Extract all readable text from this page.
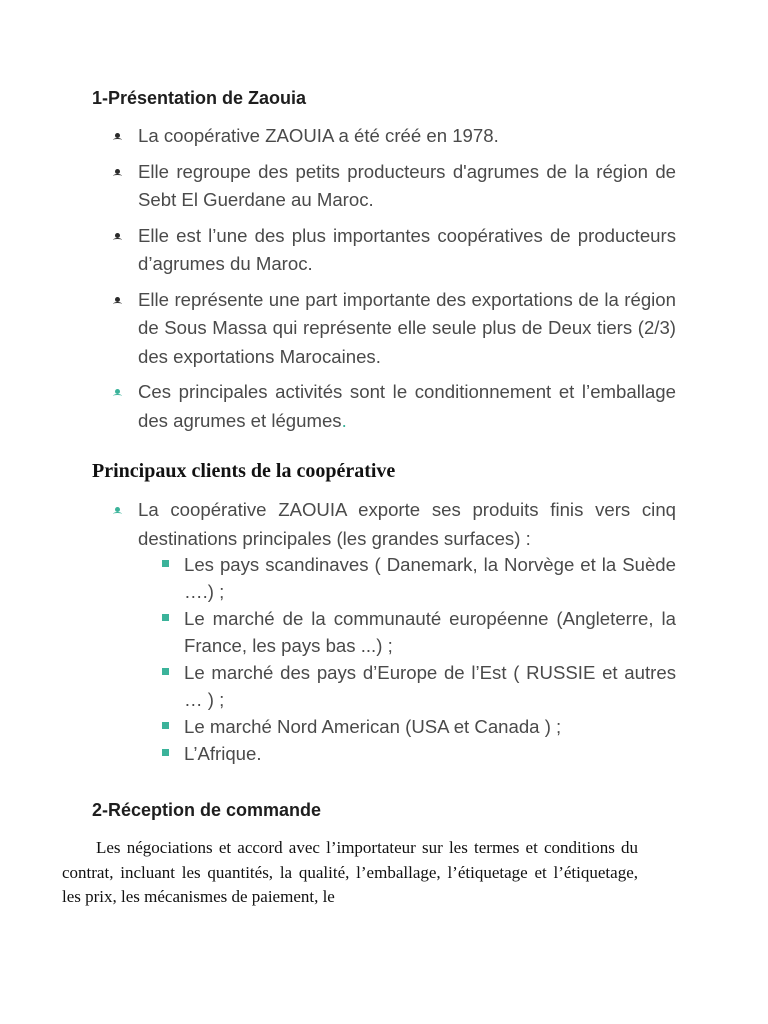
1-Présentation de Zaouia
La coopérative ZAOUIA a été créé en 1978.
Elle regroupe des petits producteurs d'agrumes de la région de Sebt El Guerdane au Maroc.
Elle est l’une des plus importantes coopératives de producteurs d’agrumes du Maroc.
Elle représente une part importante des exportations de la région de Sous Massa qui représente elle seule plus de Deux tiers (2/3) des exportations Marocaines.
Ces principales activités sont le conditionnement et l’emballage des agrumes et légumes.
Principaux clients de la coopérative
La coopérative ZAOUIA exporte ses produits finis vers cinq destinations principales (les grandes surfaces) :
Les pays scandinaves ( Danemark, la Norvège et la Suède ….) ;
Le marché de la communauté européenne (Angleterre, la France, les pays bas ...) ;
Le marché des pays d’Europe de l’Est ( RUSSIE et autres … ) ;
Le marché Nord American (USA et Canada ) ;
L’Afrique.
2-Réception de commande

Les négociations et accord avec l’importateur sur les termes et conditions du contrat, incluant les quantités, la qualité, l’emballage, l’étiquetage et l’étiquetage, les prix, les mécanismes de paiement, le
